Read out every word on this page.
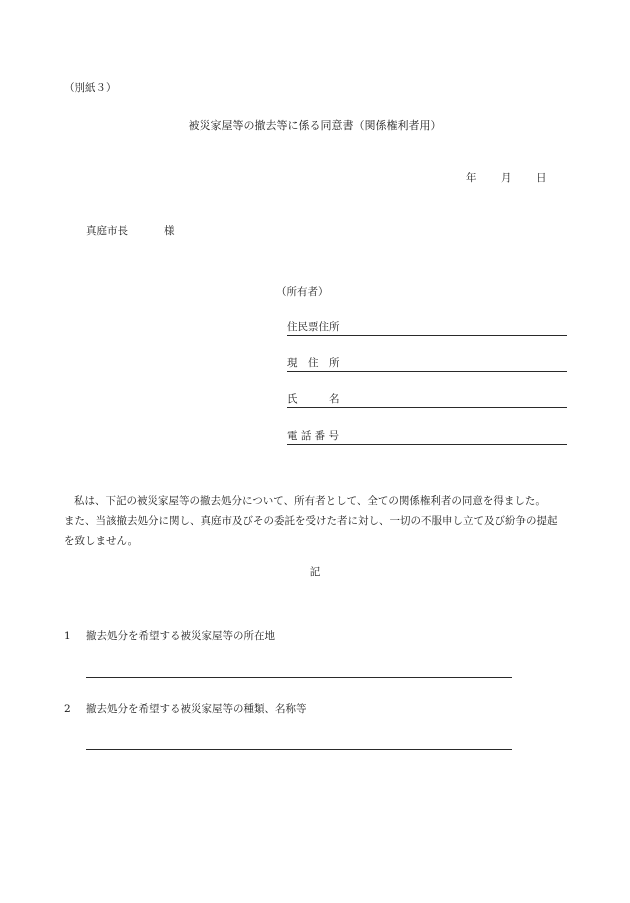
（別紙３）
被災家屋等の撤去等に係る同意書（関係権利者用）
年 月 日
真庭市長	様
（所有者）
住民票住所
現　住　所
氏　　　名
電 話 番 号

私は、下記の被災家屋等の撤去処分について、所有者として、全ての関係権利者の同意を得ました。

また、当該撤去処分に関し、真庭市及びその委託を受けた者に対し、一切の不服申し立て及び紛争の提起を致しません。

記
1 撤去処分を希望する被災家屋等の所在地
2 撤去処分を希望する被災家屋等の種類、名称等
